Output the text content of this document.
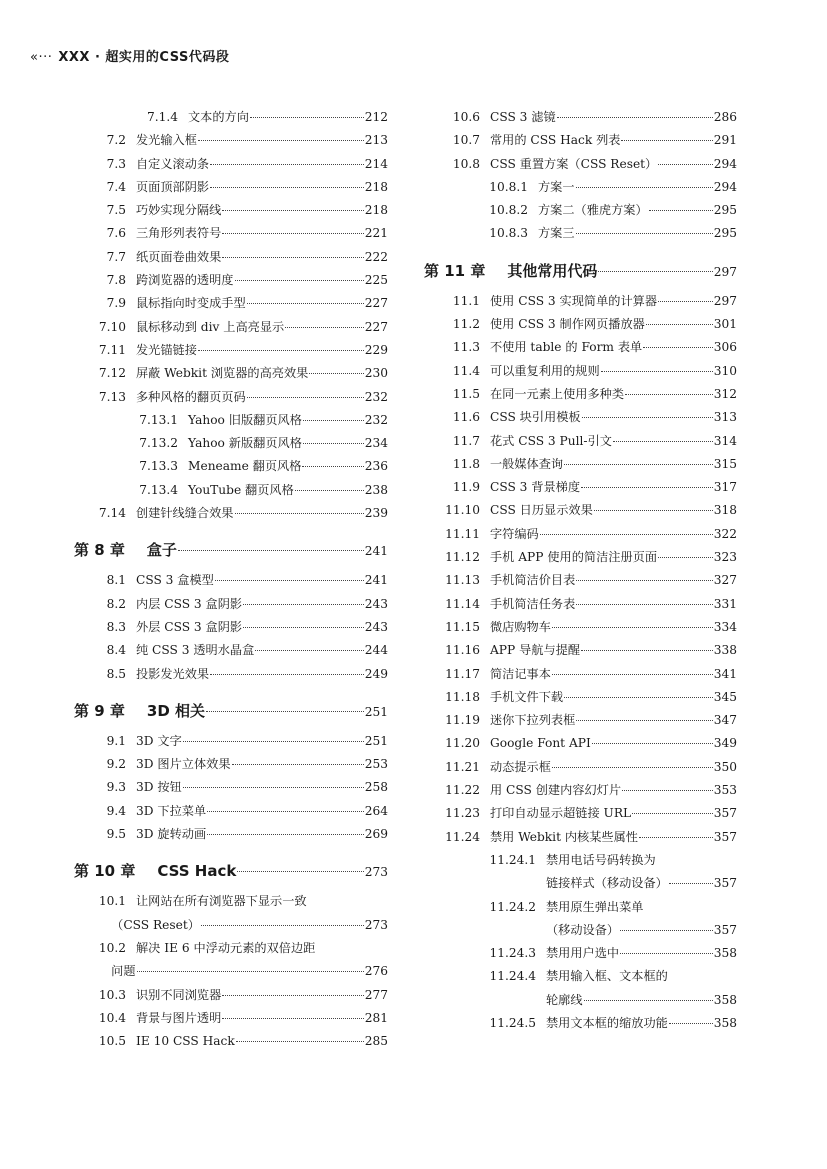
«··· XXX · 超实用的CSS代码段
7.1.4 文本的方向	212
7.2 发光输入框	213
7.3 自定义滚动条	214
7.4 页面顶部阴影	218
7.5 巧妙实现分隔线	218
7.6 三角形列表符号	221
7.7 纸页面卷曲效果	222
7.8 跨浏览器的透明度	225
7.9 鼠标指向时变成手型	227
7.10 鼠标移动到 div 上高亮显示	227
7.11 发光锚链接	229
7.12 屏蔽 Webkit 浏览器的高亮效果	230
7.13 多种风格的翻页页码	232
7.13.1 Yahoo 旧版翻页风格	232
7.13.2 Yahoo 新版翻页风格	234
7.13.3 Meneame 翻页风格	236
7.13.4 YouTube 翻页风格	238
7.14 创建针线缝合效果	239
第 8 章	盒子	241
8.1 CSS 3 盒模型	241
8.2 内层 CSS 3 盒阴影	243
8.3 外层 CSS 3 盒阴影	243
8.4 纯 CSS 3 透明水晶盒	244
8.5 投影发光效果	249
第 9 章	3D 相关	251
9.1 3D 文字	251
9.2 3D 图片立体效果	253
9.3 3D 按钮	258
9.4 3D 下拉菜单	264
9.5 3D 旋转动画	269
第 10 章	CSS Hack	273
10.1 让网站在所有浏览器下显示一致
（CSS Reset）	273
10.2 解决 IE 6 中浮动元素的双倍边距
问题	276
10.3 识别不同浏览器	277
10.4 背景与图片透明	281
10.5 IE 10 CSS Hack	285
10.6 CSS 3 滤镜	286
10.7 常用的 CSS Hack 列表	291
10.8 CSS 重置方案（CSS Reset）	294
10.8.1 方案一	294
10.8.2 方案二（雅虎方案）	295
10.8.3 方案三	295
第 11 章	其他常用代码	297
11.1 使用 CSS 3 实现简单的计算器	297
11.2 使用 CSS 3 制作网页播放器	301
11.3 不使用 table 的 Form 表单	306
11.4 可以重复利用的规则	310
11.5 在同一元素上使用多种类	312
11.6 CSS 块引用模板	313
11.7 花式 CSS 3 Pull-引文	314
11.8 一般媒体查询	315
11.9 CSS 3 背景梯度	317
11.10 CSS 日历显示效果	318
11.11 字符编码	322
11.12 手机 APP 使用的简洁注册页面	323
11.13 手机简洁价目表	327
11.14 手机简洁任务表	331
11.15 微店购物车	334
11.16 APP 导航与提醒	338
11.17 简洁记事本	341
11.18 手机文件下载	345
11.19 迷你下拉列表框	347
11.20 Google Font API	349
11.21 动态提示框	350
11.22 用 CSS 创建内容幻灯片	353
11.23 打印自动显示超链接 URL	357
11.24 禁用 Webkit 内核某些属性	357
11.24.1 禁用电话号码转换为
链接样式（移动设备）	357
11.24.2 禁用原生弹出菜单
（移动设备）	357
11.24.3 禁用用户选中	358
11.24.4 禁用输入框、文本框的
轮廓线	358
11.24.5 禁用文本框的缩放功能	358
